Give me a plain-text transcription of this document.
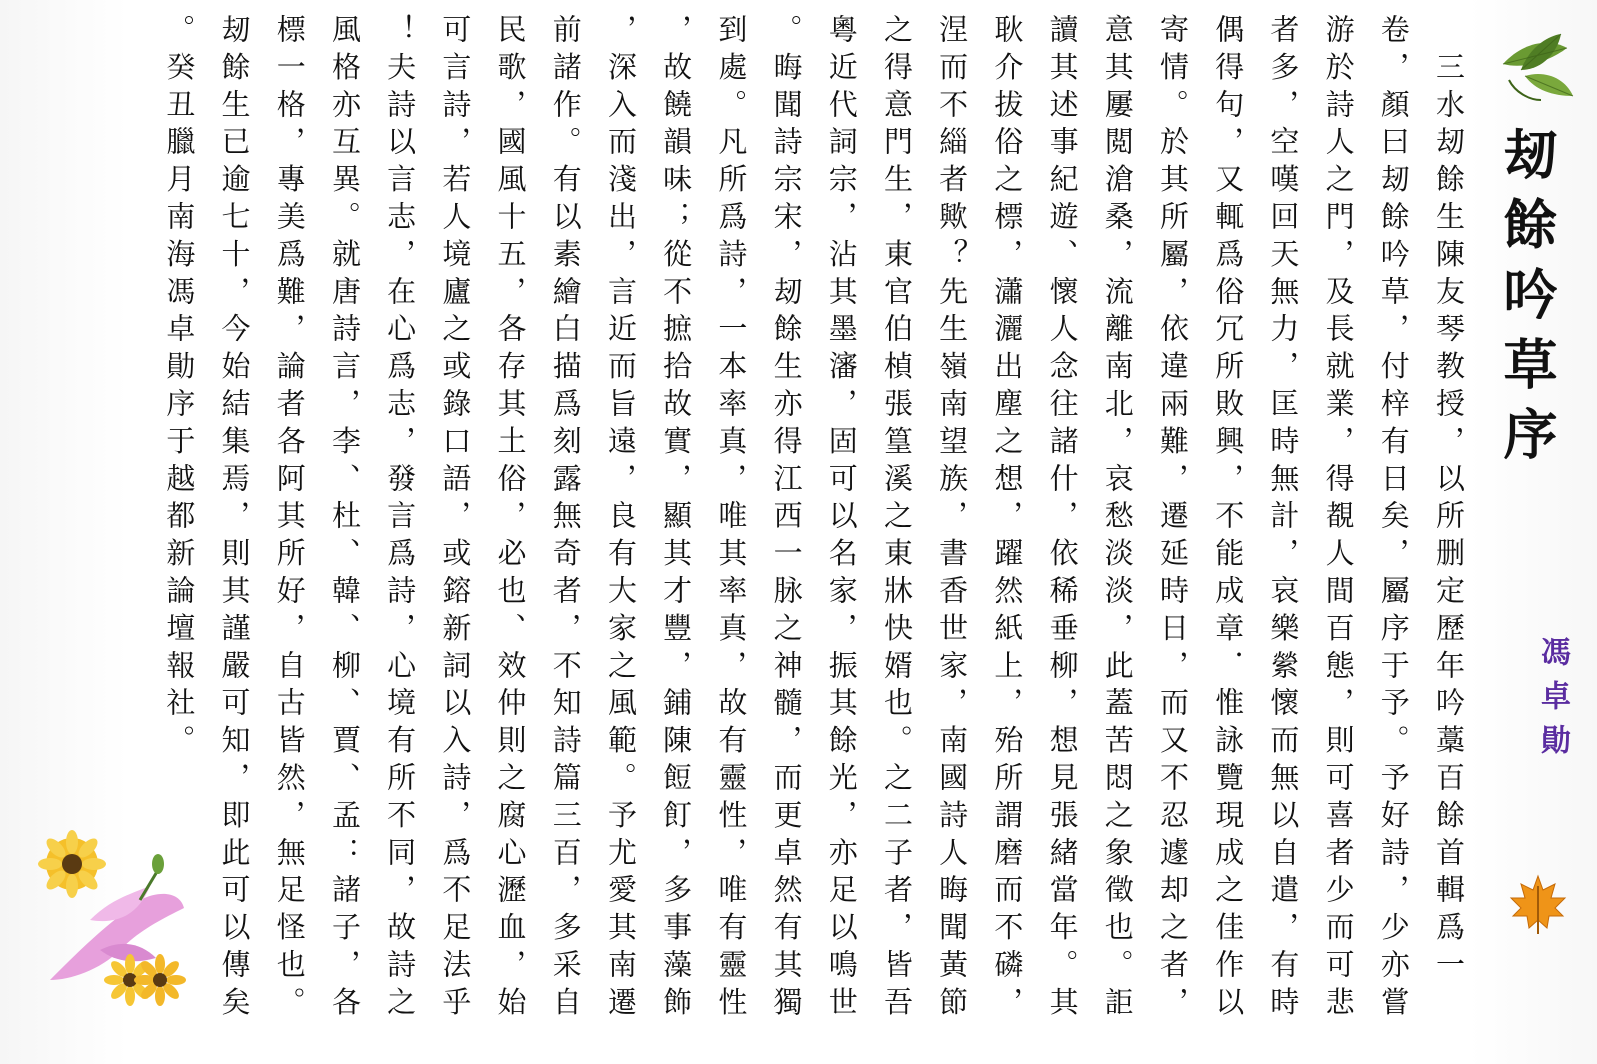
刼餘吟草序
馮卓勛
　三水刼餘生陳友琴教授，以所删定歷年吟藁百餘首輯爲一
卷，顏曰刼餘吟草，付梓有日矣，屬序于予。予好詩，少亦嘗
游於詩人之門，及長就業，得覩人間百態，則可喜者少而可悲
者多，空嘆回天無力，匡時無計，哀樂縈懷而無以自遣，有時
偶得句，又輒爲俗冗所敗興，不能成章．惟詠覽現成之佳作以
寄情。於其所屬，依違兩難，遷延時日，而又不忍遽却之者，
意其屢閲滄桑，流離南北，哀愁淡淡，此蓋苦悶之象徵也。詎
讀其述事紀遊、懷人念往諸什，依稀垂柳，想見張緒當年。其
耿介拔俗之標，瀟灑出塵之想，躍然紙上，殆所謂磨而不磷，
涅而不緇者歟？先生嶺南望族，書香世家，南國詩人晦聞黃節
之得意門生，東官伯楨張篁溪之東牀快婿也。之二子者，皆吾
粵近代詞宗，沾其墨瀋，固可以名家，振其餘光，亦足以鳴世
。晦聞詩宗宋，刼餘生亦得江西一脉之神髓，而更卓然有其獨
到處。凡所爲詩，一本率真，唯其率真，故有靈性，唯有靈性
，故饒韻味；從不摭拾故實，顯其才豐，鋪陳餖飣，多事藻飾
，深入而淺出，言近而旨遠，良有大家之風範。予尤愛其南遷
前諸作。有以素繪白描爲刻露無奇者，不知詩篇三百，多采自
民歌，國風十五，各存其土俗，必也、效仲則之腐心瀝血，始
可言詩，若人境廬之或錄口語，或鎔新詞以入詩，爲不足法乎
！夫詩以言志，在心爲志，發言爲詩，心境有所不同，故詩之
風格亦互異。就唐詩言，李、杜、韓、柳、賈、孟：諸子，各
標一格，專美爲難，論者各阿其所好，自古皆然，無足怪也。
刼餘生已逾七十，今始結集焉，則其謹嚴可知，即此可以傳矣
。癸丑臘月南海馮卓勛序于越都新論壇報社。
